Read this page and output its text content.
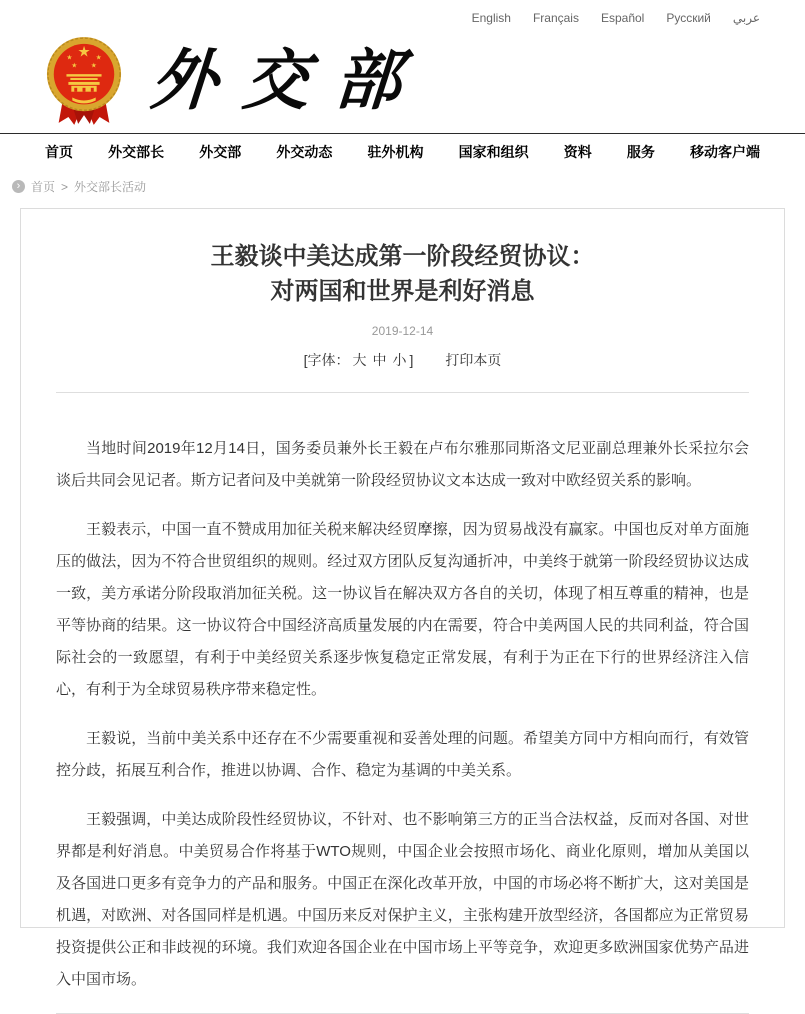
English Français Español Русский عربي
★
★	★
★ ★ 外交部
首页	外交部长	外交部	外交动态	驻外机构	国家和组织	资料	服务	移动客户端
› 首页 > 外交部长活动
王毅谈中美达成第一阶段经贸协议：
对两国和世界是利好消息
2019-12-14
[字体： 大 中 小 ] 打印本页

当地时间2019年12月14日，国务委员兼外长王毅在卢布尔雅那同斯洛文尼亚副总理兼外长采拉尔会谈后共同会见记者。斯方记者问及中美就第一阶段经贸协议文本达成一致对中欧经贸关系的影响。

王毅表示，中国一直不赞成用加征关税来解决经贸摩擦，因为贸易战没有赢家。中国也反对单方面施压的做法，因为不符合世贸组织的规则。经过双方团队反复沟通折冲，中美终于就第一阶段经贸协议达成一致，美方承诺分阶段取消加征关税。这一协议旨在解决双方各自的关切，体现了相互尊重的精神，也是平等协商的结果。这一协议符合中国经济高质量发展的内在需要，符合中美两国人民的共同利益，符合国际社会的一致愿望，有利于中美经贸关系逐步恢复稳定正常发展，有利于为正在下行的世界经济注入信心，有利于为全球贸易秩序带来稳定性。

王毅说，当前中美关系中还存在不少需要重视和妥善处理的问题。希望美方同中方相向而行，有效管控分歧，拓展互利合作，推进以协调、合作、稳定为基调的中美关系。

王毅强调，中美达成阶段性经贸协议，不针对、也不影响第三方的正当合法权益，反而对各国、对世界都是利好消息。中美贸易合作将基于WTO规则，中国企业会按照市场化、商业化原则，增加从美国以及各国进口更多有竞争力的产品和服务。中国正在深化改革开放，中国的市场必将不断扩大，这对美国是机遇，对欧洲、对各国同样是机遇。中国历来反对保护主义，主张构建开放型经济，各国都应为正常贸易投资提供公正和非歧视的环境。我们欢迎各国企业在中国市场上平等竞争，欢迎更多欧洲国家优势产品进入中国市场。
